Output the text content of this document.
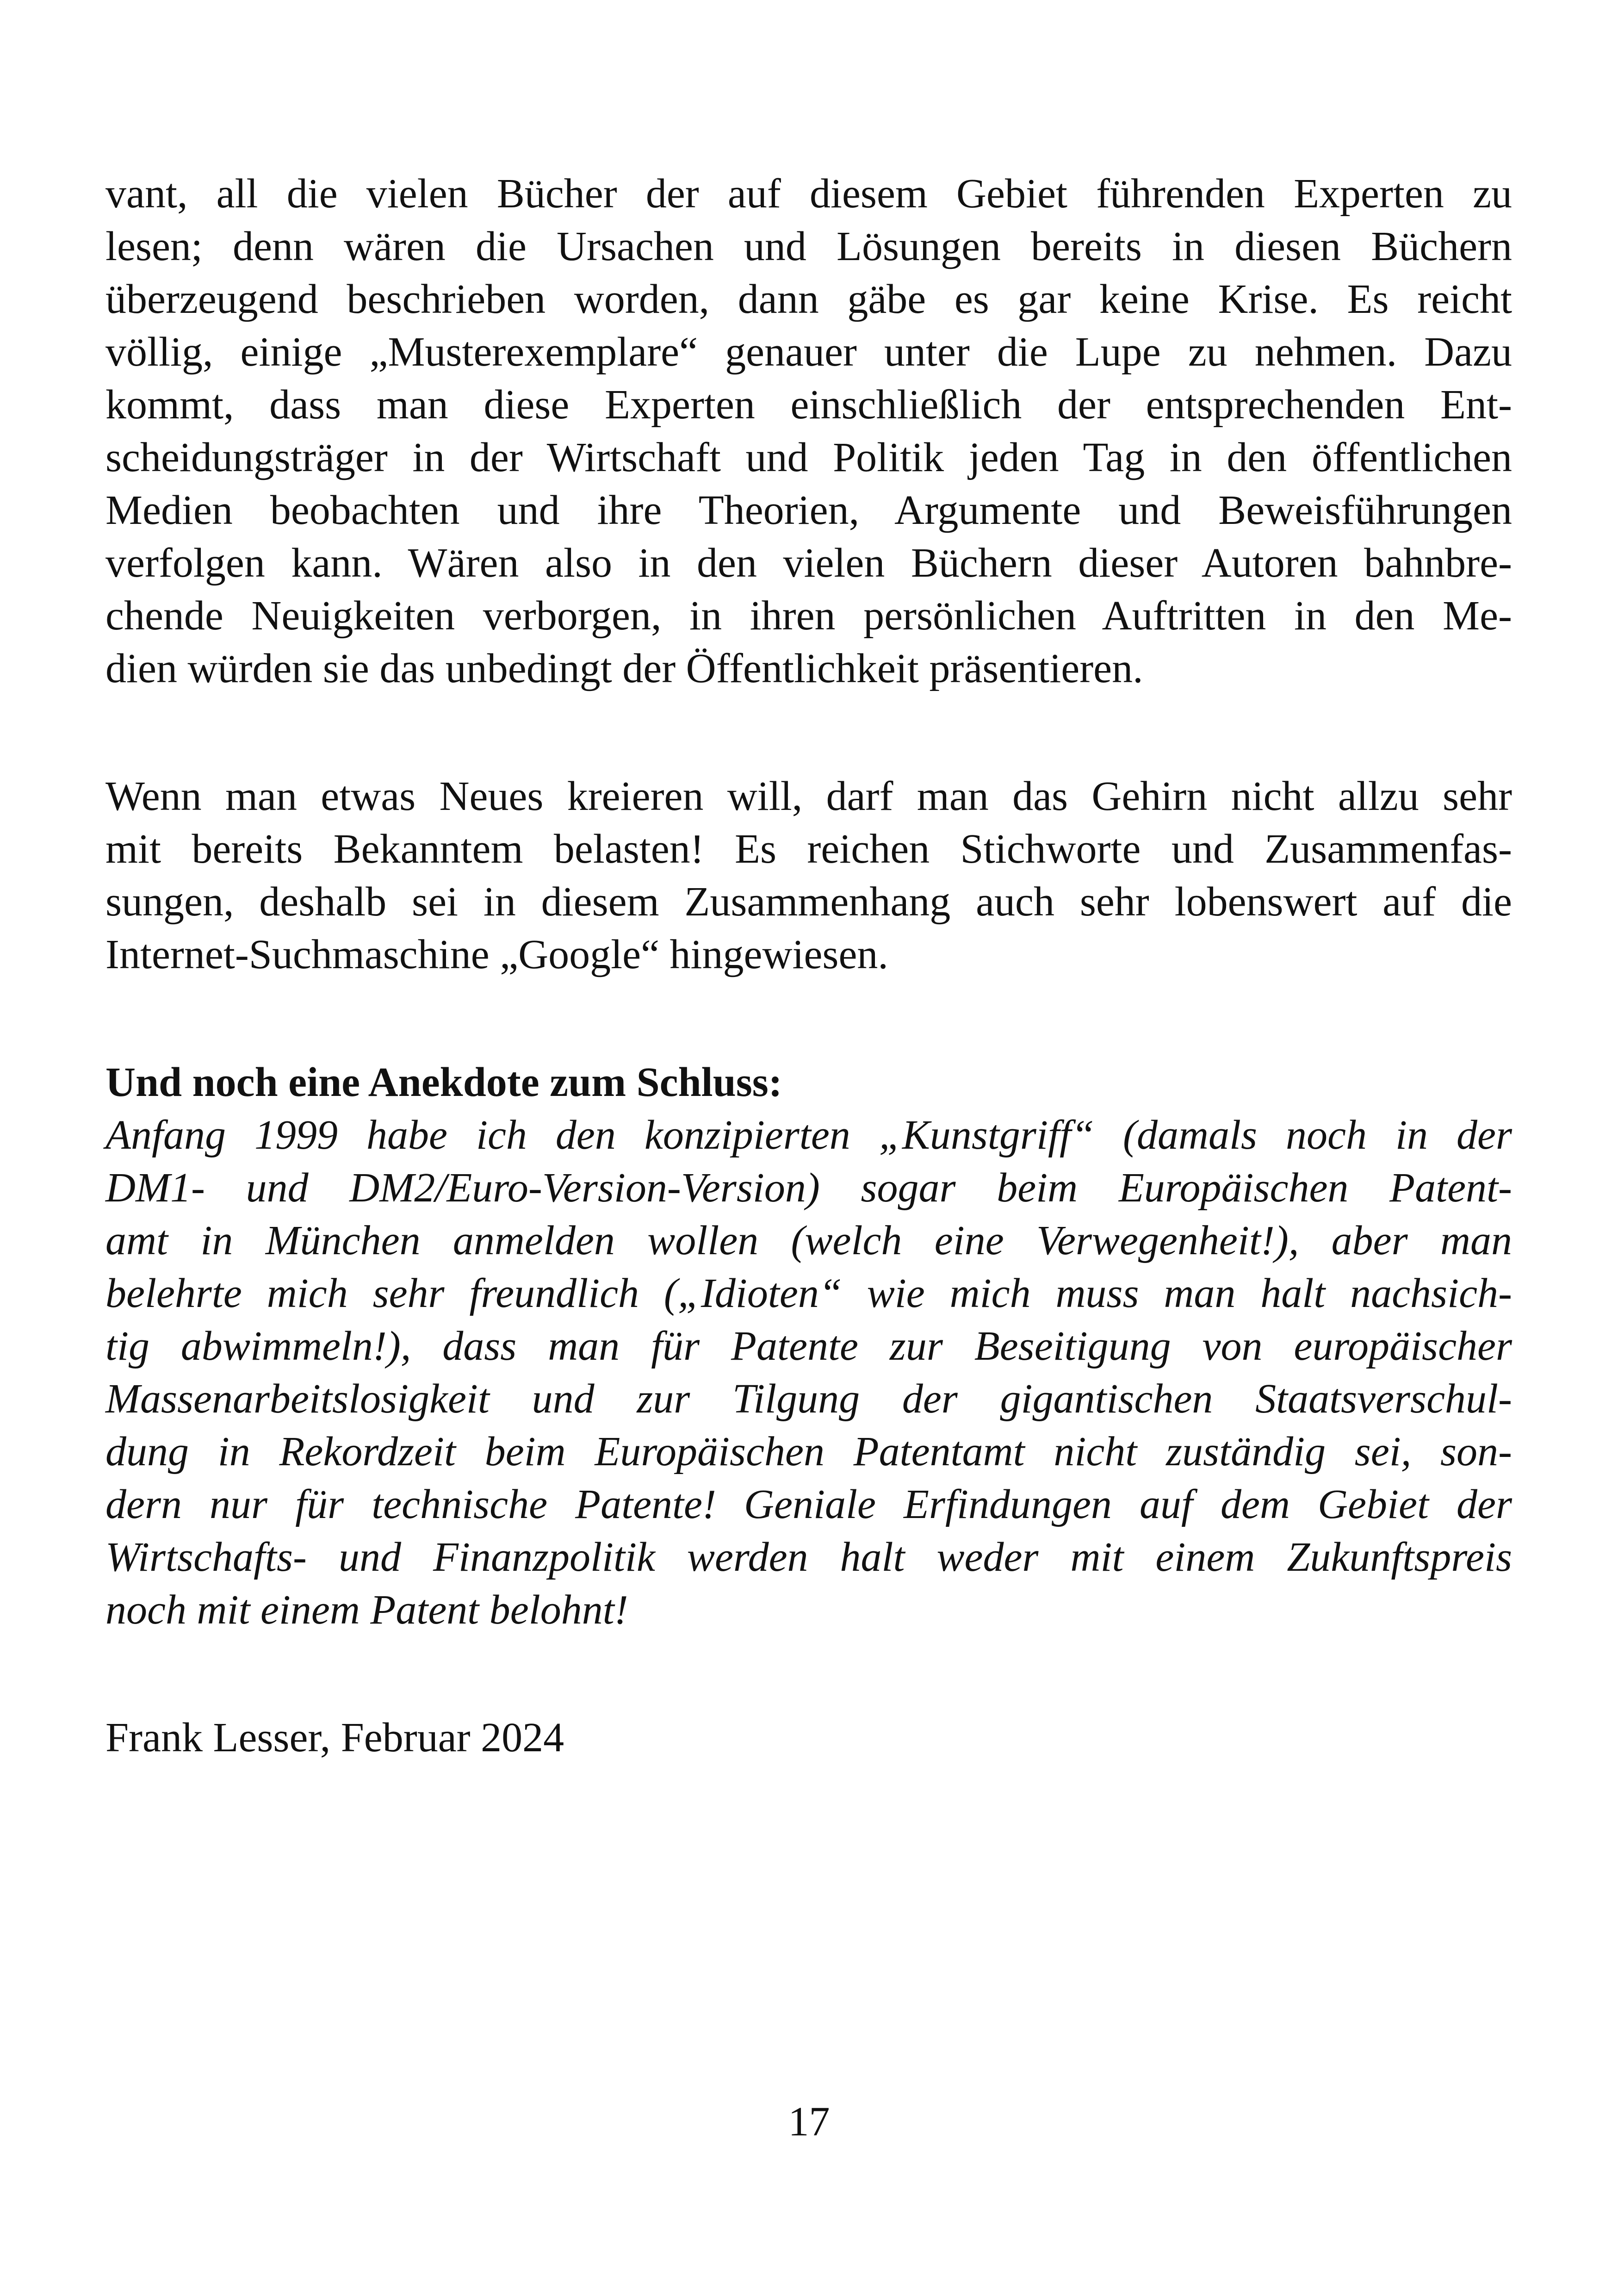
vant, all die vielen Bücher der auf diesem Gebiet führenden Experten zu
lesen; denn wären die Ursachen und Lösungen bereits in diesen Büchern
überzeugend beschrieben worden, dann gäbe es gar keine Krise. Es reicht
völlig, einige „Musterexemplare“ genauer unter die Lupe zu nehmen. Dazu
kommt, dass man diese Experten einschließlich der entsprechenden Ent-
scheidungsträger in der Wirtschaft und Politik jeden Tag in den öffentlichen
Medien beobachten und ihre Theorien, Argumente und Beweisführungen
verfolgen kann. Wären also in den vielen Büchern dieser Autoren bahnbre-
chende Neuigkeiten verborgen, in ihren persönlichen Auftritten in den Me-
dien würden sie das unbedingt der Öffentlichkeit präsentieren.
Wenn man etwas Neues kreieren will, darf man das Gehirn nicht allzu sehr
mit bereits Bekanntem belasten! Es reichen Stichworte und Zusammenfas-
sungen, deshalb sei in diesem Zusammenhang auch sehr lobenswert auf die
Internet-Suchmaschine „Google“ hingewiesen.
Und noch eine Anekdote zum Schluss:
Anfang 1999 habe ich den konzipierten „Kunstgriff“ (damals noch in der
DM1- und DM2/Euro-Version-Version) sogar beim Europäischen Patent-
amt in München anmelden wollen (welch eine Verwegenheit!), aber man
belehrte mich sehr freundlich („Idioten“ wie mich muss man halt nachsich-
tig abwimmeln!), dass man für Patente zur Beseitigung von europäischer
Massenarbeitslosigkeit und zur Tilgung der gigantischen Staatsverschul-
dung in Rekordzeit beim Europäischen Patentamt nicht zuständig sei, son-
dern nur für technische Patente! Geniale Erfindungen auf dem Gebiet der
Wirtschafts- und Finanzpolitik werden halt weder mit einem Zukunftspreis
noch mit einem Patent belohnt!
Frank Lesser, Februar 2024
17
